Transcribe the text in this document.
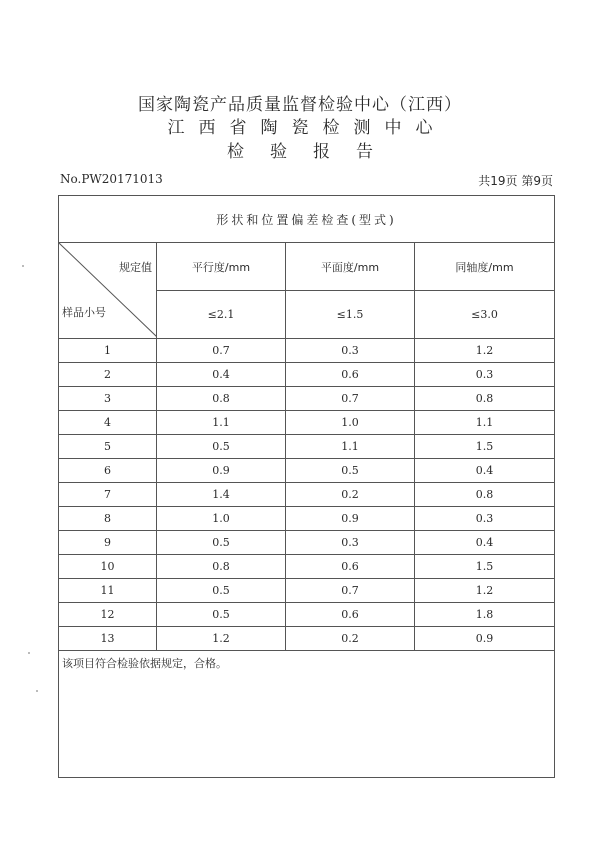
国家陶瓷产品质量监督检验中心（江西）
江西省陶瓷检测中心
检验报告
No.PW20171013	共19页 第9页
形状和位置偏差检查(型式)			

规定值
样品小号	平行度/mm	平面度/mm	同轴度/mm
	≤2.1	≤1.5	≤3.0
1	0.7	0.3	1.2
2	0.4	0.6	0.3
3	0.8	0.7	0.8
4	1.1	1.0	1.1
5	0.5	1.1	1.5
6	0.9	0.5	0.4
7	1.4	0.2	0.8
8	1.0	0.9	0.3
9	0.5	0.3	0.4
10	0.8	0.6	1.5
11	0.5	0.7	1.2
12	0.5	0.6	1.8
13	1.2	0.2	0.9
该项目符合检验依据规定，合格。			
